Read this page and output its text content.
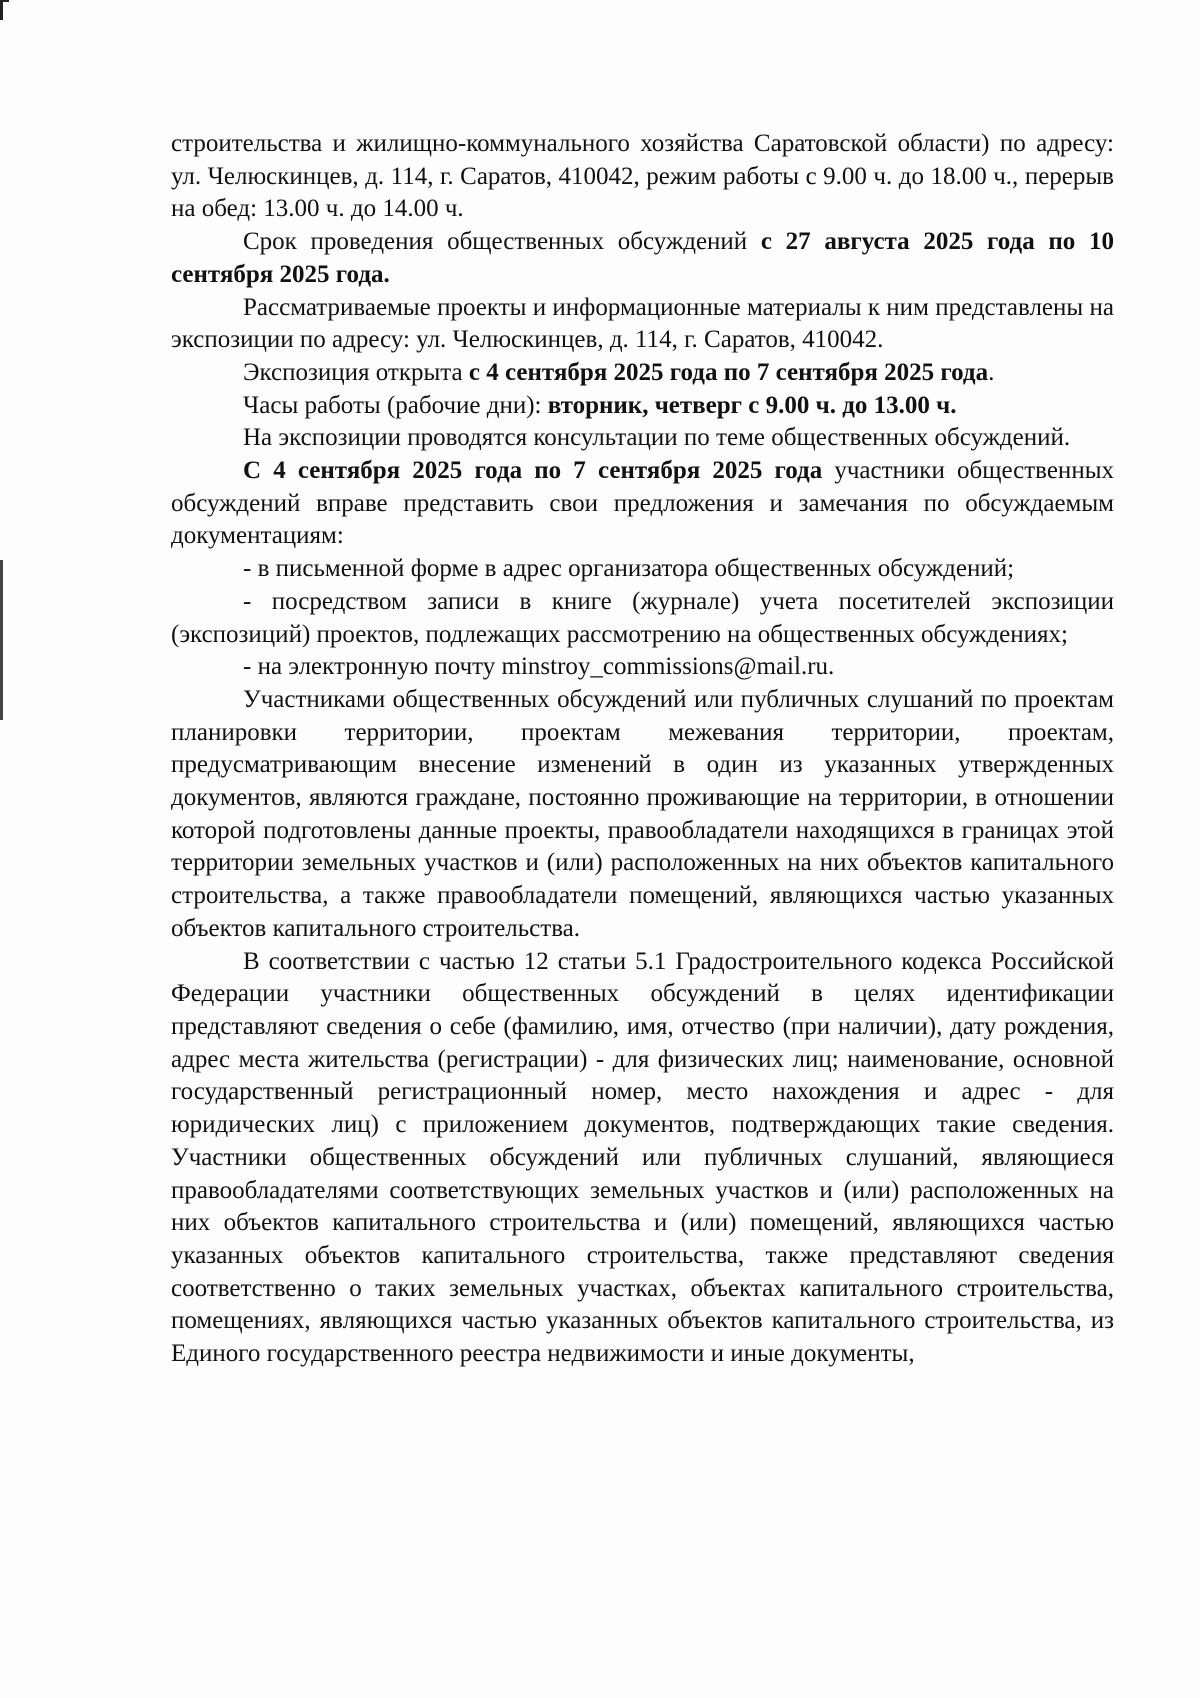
строительства и жилищно-коммунального хозяйства Саратовской области) по адресу: ул. Челюскинцев, д. 114, г. Саратов, 410042, режим работы с 9.00 ч. до 18.00 ч., перерыв на обед: 13.00 ч. до 14.00 ч.

Срок проведения общественных обсуждений с 27 августа 2025 года по 10 сентября 2025 года.

Рассматриваемые проекты и информационные материалы к ним представлены на экспозиции по адресу: ул. Челюскинцев, д. 114, г. Саратов, 410042.

Экспозиция открыта с 4 сентября 2025 года по 7 сентября 2025 года.

Часы работы (рабочие дни): вторник, четверг с 9.00 ч. до 13.00 ч.

На экспозиции проводятся консультации по теме общественных обсуждений.

С 4 сентября 2025 года по 7 сентября 2025 года участники общественных обсуждений вправе представить свои предложения и замечания по обсуждаемым документациям:

- в письменной форме в адрес организатора общественных обсуждений;

- посредством записи в книге (журнале) учета посетителей экспозиции (экспозиций) проектов, подлежащих рассмотрению на общественных обсуждениях;

- на электронную почту minstroy_commissions@mail.ru.

Участниками общественных обсуждений или публичных слушаний по проектам планировки территории, проектам межевания территории, проектам, предусматривающим внесение изменений в один из указанных утвержденных документов, являются граждане, постоянно проживающие на территории, в отношении которой подготовлены данные проекты, правообладатели находящихся в границах этой территории земельных участков и (или) расположенных на них объектов капитального строительства, а также правообладатели помещений, являющихся частью указанных объектов капитального строительства.

В соответствии с частью 12 статьи 5.1 Градостроительного кодекса Российской Федерации участники общественных обсуждений в целях идентификации представляют сведения о себе (фамилию, имя, отчество (при наличии), дату рождения, адрес места жительства (регистрации) - для физических лиц; наименование, основной государственный регистрационный номер, место нахождения и адрес - для юридических лиц) с приложением документов, подтверждающих такие сведения. Участники общественных обсуждений или публичных слушаний, являющиеся правообладателями соответствующих земельных участков и (или) расположенных на них объектов капитального строительства и (или) помещений, являющихся частью указанных объектов капитального строительства, также представляют сведения соответственно о таких земельных участках, объектах капитального строительства, помещениях, являющихся частью указанных объектов капитального строительства, из Единого государственного реестра недвижимости и иные документы,
